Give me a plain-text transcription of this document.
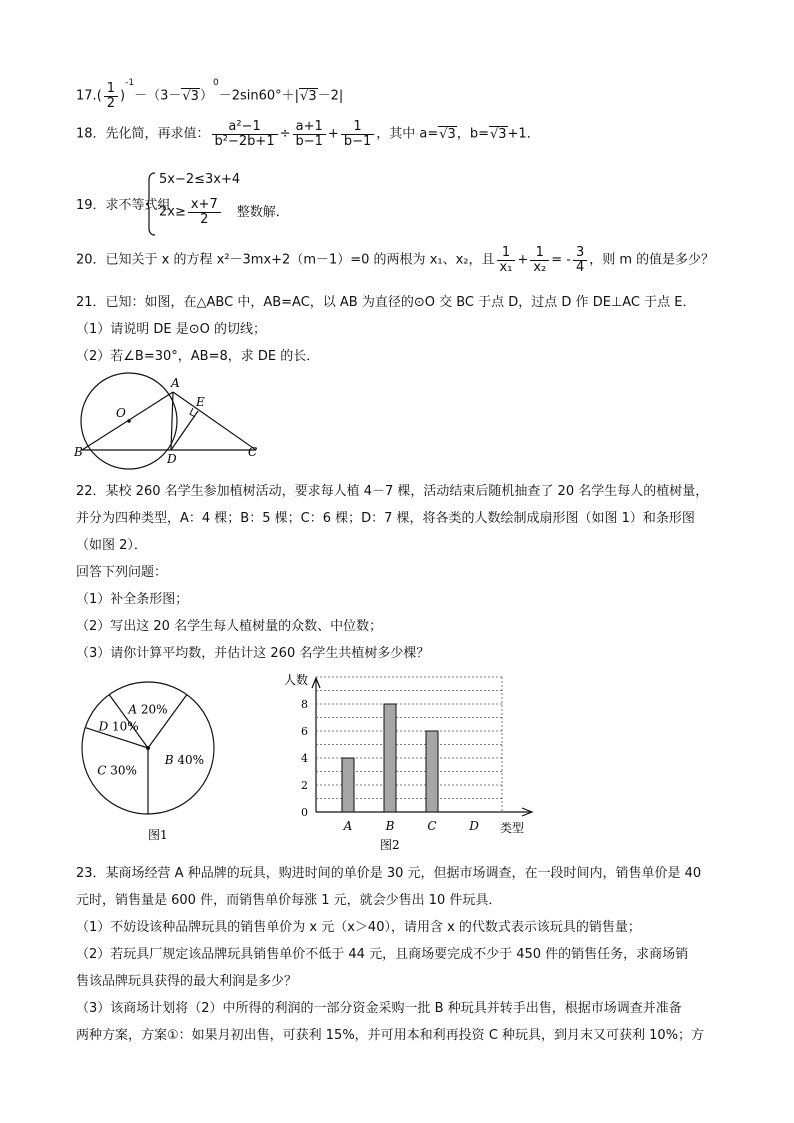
$17.( \frac{1}{2} )^{-1}-(3-√3)^0-2\sin 60^\circ+|√3-2|$
18．先化简，再求值： $\frac{\text{a²−1}}{\text{b²−2b+1}} \div \frac{a+1}{b-1} + \frac{1}{b-1}$ ，其中 a=√3，b=√3+1．
19．求不等式组
5x−2≤3x+4
$2x\ge \frac{x+7}{2}$ 整数解．
20．已知关于 x 的方程 x²－3mx+2（m－1）=0 的两根为 x₁、x₂，且 $\frac{1}{\text{x₁}} + \frac{1}{\text{x₂}}$ = - $\frac{3}{4}$ ，则 m 的值是多少？
21．已知：如图，在△ABC 中，AB=AC，以 AB 为直径的⊙O 交 BC 于点 D，过点 D 作 DE⊥AC 于点 E．
（1）请说明 DE 是⊙O 的切线；
（2）若∠B=30°，AB=8，求 DE 的长．
O
A
E
B	D	C
22．某校 260 名学生参加植树活动，要求每人植 4－7 棵，活动结束后随机抽查了 20 名学生每人的植树量，
并分为四种类型，A：4 棵；B：5 棵；C：6 棵；D：7 棵，将各类的人数绘制成扇形图（如图 1）和条形图
（如图 2）．
回答下列问题：
（1）补全条形图；
（2）写出这 20 名学生每人植树量的众数、中位数；
（3）请你计算平均数，并估计这 260 名学生共植树多少棵？
B 40%
A 20%
D 10%
C 30%
图1
0
2
4
6
8
人数
类型
A	B	C	D
图2
23．某商场经营 A 种品牌的玩具，购进时间的单价是 30 元，但据市场调查，在一段时间内，销售单价是 40
元时，销售量是 600 件，而销售单价每涨 1 元，就会少售出 10 件玩具．
（1）不妨设该种品牌玩具的销售单价为 x 元（x＞40），请用含 x 的代数式表示该玩具的销售量；
（2）若玩具厂规定该品牌玩具销售单价不低于 44 元，且商场要完成不少于 450 件的销售任务，求商场销
售该品牌玩具获得的最大利润是多少？
（3）该商场计划将（2）中所得的利润的一部分资金采购一批 B 种玩具并转手出售，根据市场调查并准备
两种方案，方案①：如果月初出售，可获利 15%，并可用本和利再投资 C 种玩具，到月末又可获利 10%；方
